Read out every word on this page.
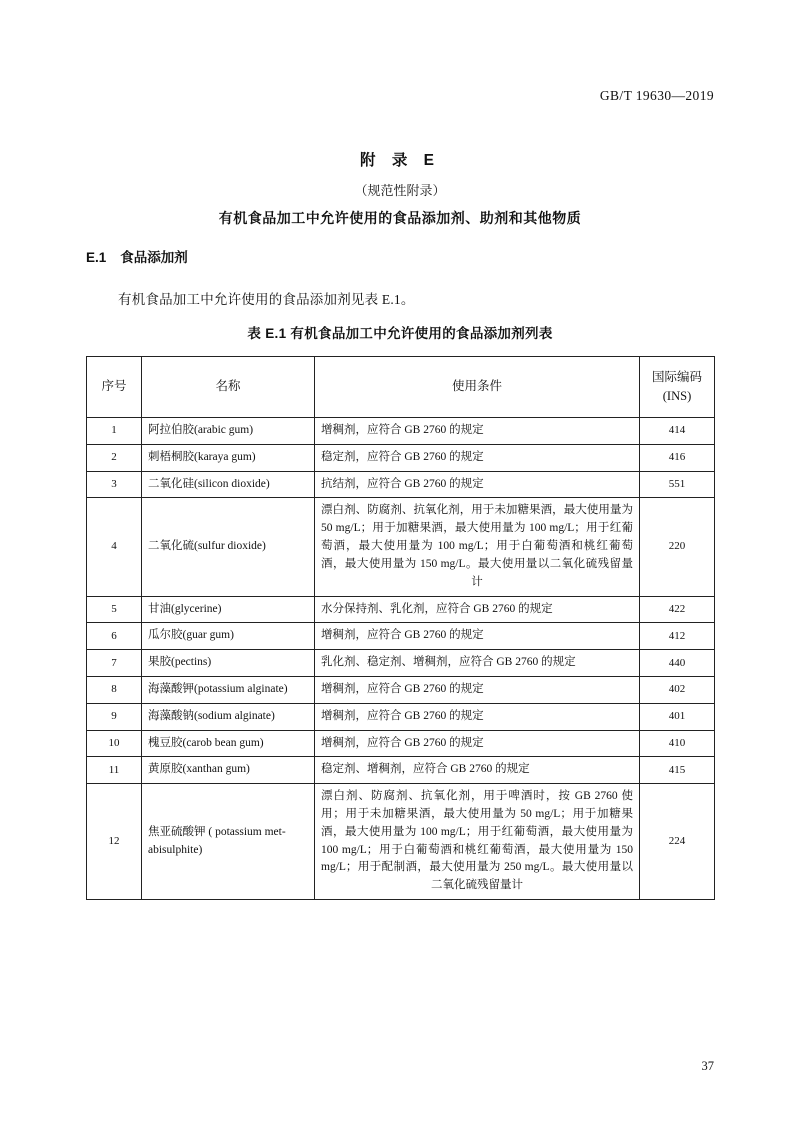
GB/T 19630—2019
附 录 E
（规范性附录）
有机食品加工中允许使用的食品添加剂、助剂和其他物质
E.1 食品添加剂
有机食品加工中允许使用的食品添加剂见表 E.1。
表 E.1 有机食品加工中允许使用的食品添加剂列表
序号	名称	使用条件	国际编码
(INS)

1	阿拉伯胶(arabic gum)	增稠剂，应符合 GB 2760 的规定	414
2	刺梧桐胶(karaya gum)	稳定剂，应符合 GB 2760 的规定	416
3	二氧化硅(silicon dioxide)	抗结剂，应符合 GB 2760 的规定	551
4	二氧化硫(sulfur dioxide)	漂白剂、防腐剂、抗氧化剂，用于未加糖果酒，最大使用量为 50 mg/L；用于加糖果酒，最大使用量为 100 mg/L；用于红葡萄酒，最大使用量为 100 mg/L；用于白葡萄酒和桃红葡萄酒，最大使用量为 150 mg/L。最大使用量以二氧化硫残留量计	220
5	甘油(glycerine)	水分保持剂、乳化剂，应符合 GB 2760 的规定	422
6	瓜尔胶(guar gum)	增稠剂，应符合 GB 2760 的规定	412
7	果胶(pectins)	乳化剂、稳定剂、增稠剂，应符合 GB 2760 的规定	440
8	海藻酸钾(potassium alginate)	增稠剂，应符合 GB 2760 的规定	402
9	海藻酸钠(sodium alginate)	增稠剂，应符合 GB 2760 的规定	401
10	槐豆胶(carob bean gum)	增稠剂，应符合 GB 2760 的规定	410
11	黄原胶(xanthan gum)	稳定剂、增稠剂，应符合 GB 2760 的规定	415
12	焦亚硫酸钾 ( potassium met-abisulphite)	漂白剂、防腐剂、抗氧化剂，用于啤酒时，按 GB 2760 使用；用于未加糖果酒，最大使用量为 50 mg/L；用于加糖果酒，最大使用量为 100 mg/L；用于红葡萄酒，最大使用量为 100 mg/L；用于白葡萄酒和桃红葡萄酒，最大使用量为 150 mg/L；用于配制酒，最大使用量为 250 mg/L。最大使用量以二氧化硫残留量计	224
37
